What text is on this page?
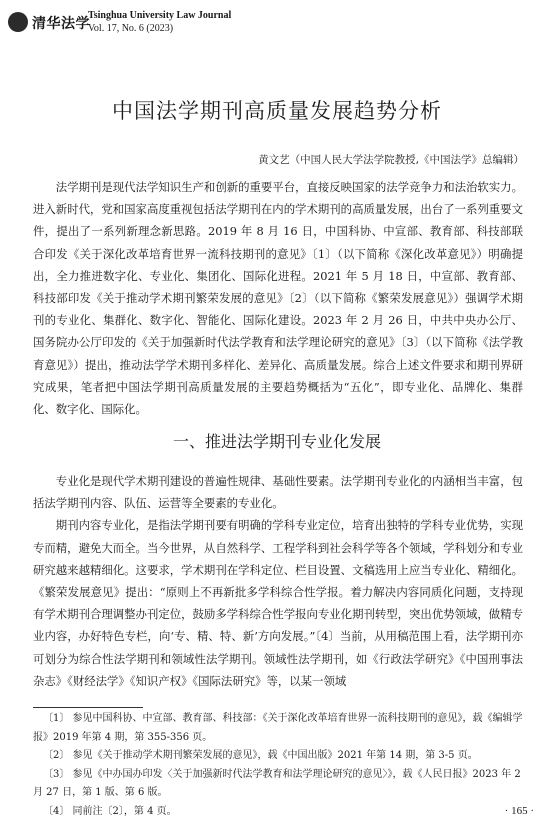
清华法学
Tsinghua University Law Journal
Vol. 17, No. 6 (2023)
中国法学期刊高质量发展趋势分析
黄文艺（中国人民大学法学院教授,《中国法学》总编辑）

法学期刊是现代法学知识生产和创新的重要平台，直接反映国家的法学竞争力和法治软实力。进入新时代，党和国家高度重视包括法学期刊在内的学术期刊的高质量发展，出台了一系列重要文件，提出了一系列新理念新思路。2019 年 8 月 16 日，中国科协、中宣部、教育部、科技部联合印发《关于深化改革培育世界一流科技期刊的意见》〔1〕（以下简称《深化改革意见》）明确提出，全力推进数字化、专业化、集团化、国际化进程。2021 年 5 月 18 日，中宣部、教育部、科技部印发《关于推动学术期刊繁荣发展的意见》〔2〕（以下简称《繁荣发展意见》）强调学术期刊的专业化、集群化、数字化、智能化、国际化建设。2023 年 2 月 26 日，中共中央办公厅、国务院办公厅印发的《关于加强新时代法学教育和法学理论研究的意见》〔3〕（以下简称《法学教育意见》）提出，推动法学学术期刊多样化、差异化、高质量发展。综合上述文件要求和期刊界研究成果，笔者把中国法学期刊高质量发展的主要趋势概括为“五化”，即专业化、品牌化、集群化、数字化、国际化。

一、推进法学期刊专业化发展

专业化是现代学术期刊建设的普遍性规律、基础性要素。法学期刊专业化的内涵相当丰富，包括法学期刊内容、队伍、运营等全要素的专业化。

期刊内容专业化，是指法学期刊要有明确的学科专业定位，培育出独特的学科专业优势，实现专而精，避免大而全。当今世界，从自然科学、工程学科到社会科学等各个领域，学科划分和专业研究越来越精细化。这要求，学术期刊在学科定位、栏目设置、文稿选用上应当专业化、精细化。《繁荣发展意见》提出：“原则上不再新批多学科综合性学报。着力解决内容同质化问题，支持现有学术期刊合理调整办刊定位，鼓励多学科综合性学报向专业化期刊转型，突出优势领域，做精专业内容，办好特色专栏，向‘专、精、特、新’方向发展。”〔4〕当前，从用稿范围上看，法学期刊亦可划分为综合性法学期刊和领域性法学期刊。领域性法学期刊，如《行政法学研究》《中国刑事法杂志》《财经法学》《知识产权》《国际法研究》等，以某一领域

〔1〕 参见中国科协、中宣部、教育部、科技部：《关于深化改革培育世界一流科技期刊的意见》，载《编辑学报》2019 年第 4 期，第 355-356 页。

〔2〕 参见《关于推动学术期刊繁荣发展的意见》，载《中国出版》2021 年第 14 期，第 3-5 页。

〔3〕 参见《中办国办印发〈关于加强新时代法学教育和法学理论研究的意见〉》，载《人民日报》2023 年 2 月 27 日，第 1 版、第 6 版。

〔4〕 同前注〔2〕，第 4 页。	· 165 ·
